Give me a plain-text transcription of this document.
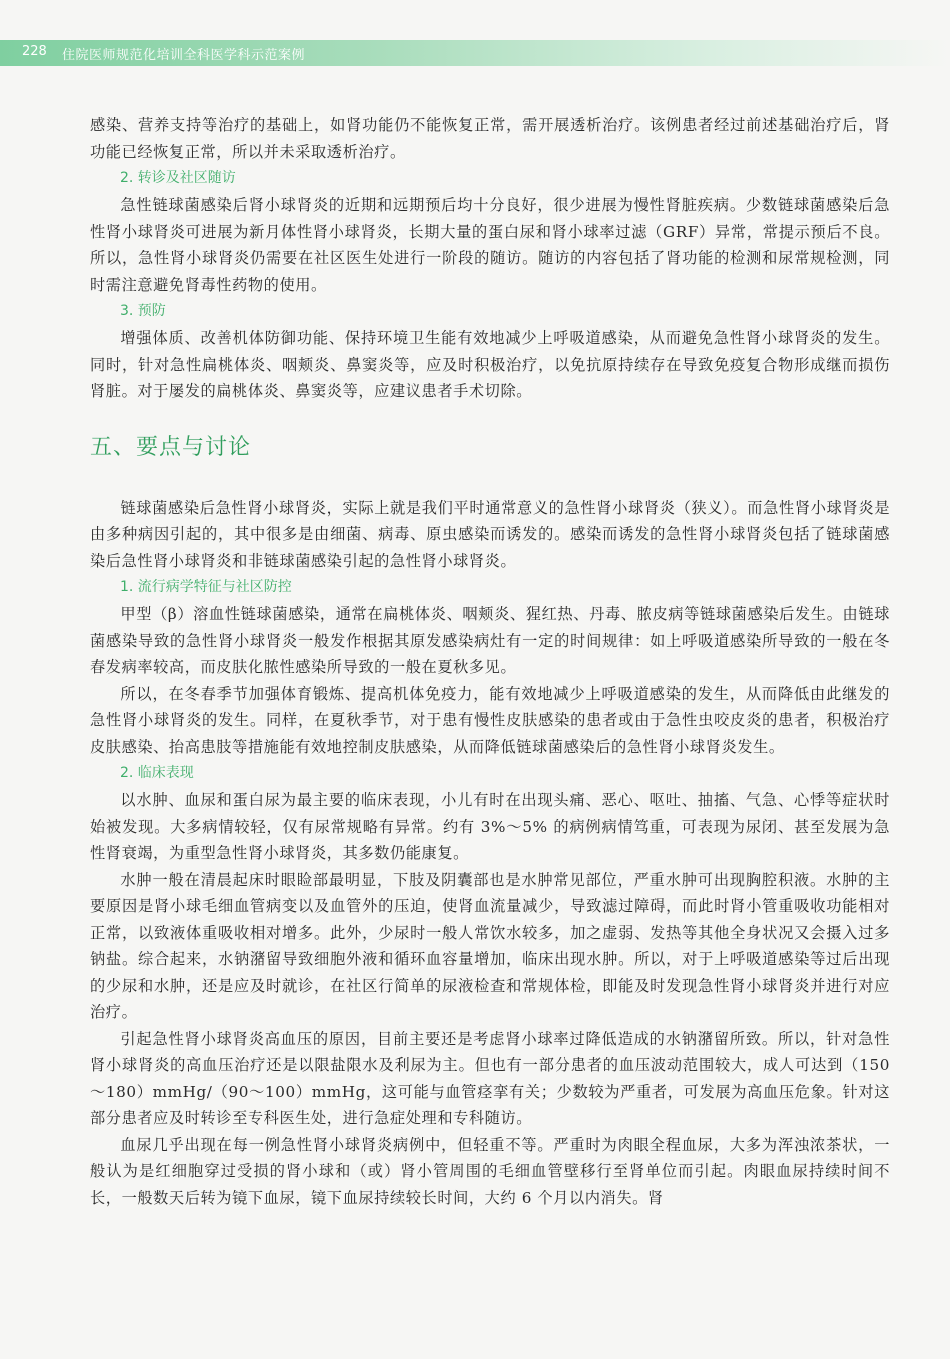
228 住院医师规范化培训全科医学科示范案例

感染、营养支持等治疗的基础上，如肾功能仍不能恢复正常，需开展透析治疗。该例患者经过前述基础治疗后，肾功能已经恢复正常，所以并未采取透析治疗。

2. 转诊及社区随访

急性链球菌感染后肾小球肾炎的近期和远期预后均十分良好，很少进展为慢性肾脏疾病。少数链球菌感染后急性肾小球肾炎可进展为新月体性肾小球肾炎，长期大量的蛋白尿和肾小球率过滤（GRF）异常，常提示预后不良。所以，急性肾小球肾炎仍需要在社区医生处进行一阶段的随访。随访的内容包括了肾功能的检测和尿常规检测，同时需注意避免肾毒性药物的使用。

3. 预防

增强体质、改善机体防御功能、保持环境卫生能有效地减少上呼吸道感染，从而避免急性肾小球肾炎的发生。同时，针对急性扁桃体炎、咽颊炎、鼻窦炎等，应及时积极治疗，以免抗原持续存在导致免疫复合物形成继而损伤肾脏。对于屡发的扁桃体炎、鼻窦炎等，应建议患者手术切除。

五、要点与讨论

链球菌感染后急性肾小球肾炎，实际上就是我们平时通常意义的急性肾小球肾炎（狭义）。而急性肾小球肾炎是由多种病因引起的，其中很多是由细菌、病毒、原虫感染而诱发的。感染而诱发的急性肾小球肾炎包括了链球菌感染后急性肾小球肾炎和非链球菌感染引起的急性肾小球肾炎。

1. 流行病学特征与社区防控

甲型（β）溶血性链球菌感染，通常在扁桃体炎、咽颊炎、猩红热、丹毒、脓皮病等链球菌感染后发生。由链球菌感染导致的急性肾小球肾炎一般发作根据其原发感染病灶有一定的时间规律：如上呼吸道感染所导致的一般在冬春发病率较高，而皮肤化脓性感染所导致的一般在夏秋多见。

所以，在冬春季节加强体育锻炼、提高机体免疫力，能有效地减少上呼吸道感染的发生，从而降低由此继发的急性肾小球肾炎的发生。同样，在夏秋季节，对于患有慢性皮肤感染的患者或由于急性虫咬皮炎的患者，积极治疗皮肤感染、抬高患肢等措施能有效地控制皮肤感染，从而降低链球菌感染后的急性肾小球肾炎发生。

2. 临床表现

以水肿、血尿和蛋白尿为最主要的临床表现，小儿有时在出现头痛、恶心、呕吐、抽搐、气急、心悸等症状时始被发现。大多病情较轻，仅有尿常规略有异常。约有 3%～5% 的病例病情笃重，可表现为尿闭、甚至发展为急性肾衰竭，为重型急性肾小球肾炎，其多数仍能康复。

水肿一般在清晨起床时眼睑部最明显，下肢及阴囊部也是水肿常见部位，严重水肿可出现胸腔积液。水肿的主要原因是肾小球毛细血管病变以及血管外的压迫，使肾血流量减少，导致滤过障碍，而此时肾小管重吸收功能相对正常，以致液体重吸收相对增多。此外，少尿时一般人常饮水较多，加之虚弱、发热等其他全身状况又会摄入过多钠盐。综合起来，水钠潴留导致细胞外液和循环血容量增加，临床出现水肿。所以，对于上呼吸道感染等过后出现的少尿和水肿，还是应及时就诊，在社区行简单的尿液检查和常规体检，即能及时发现急性肾小球肾炎并进行对应治疗。

引起急性肾小球肾炎高血压的原因，目前主要还是考虑肾小球率过降低造成的水钠潴留所致。所以，针对急性肾小球肾炎的高血压治疗还是以限盐限水及利尿为主。但也有一部分患者的血压波动范围较大，成人可达到（150～180）mmHg/（90～100）mmHg，这可能与血管痉挛有关；少数较为严重者，可发展为高血压危象。针对这部分患者应及时转诊至专科医生处，进行急症处理和专科随访。

血尿几乎出现在每一例急性肾小球肾炎病例中，但轻重不等。严重时为肉眼全程血尿，大多为浑浊浓茶状，一般认为是红细胞穿过受损的肾小球和（或）肾小管周围的毛细血管壁移行至肾单位而引起。肉眼血尿持续时间不长，一般数天后转为镜下血尿，镜下血尿持续较长时间，大约 6 个月以内消失。肾
